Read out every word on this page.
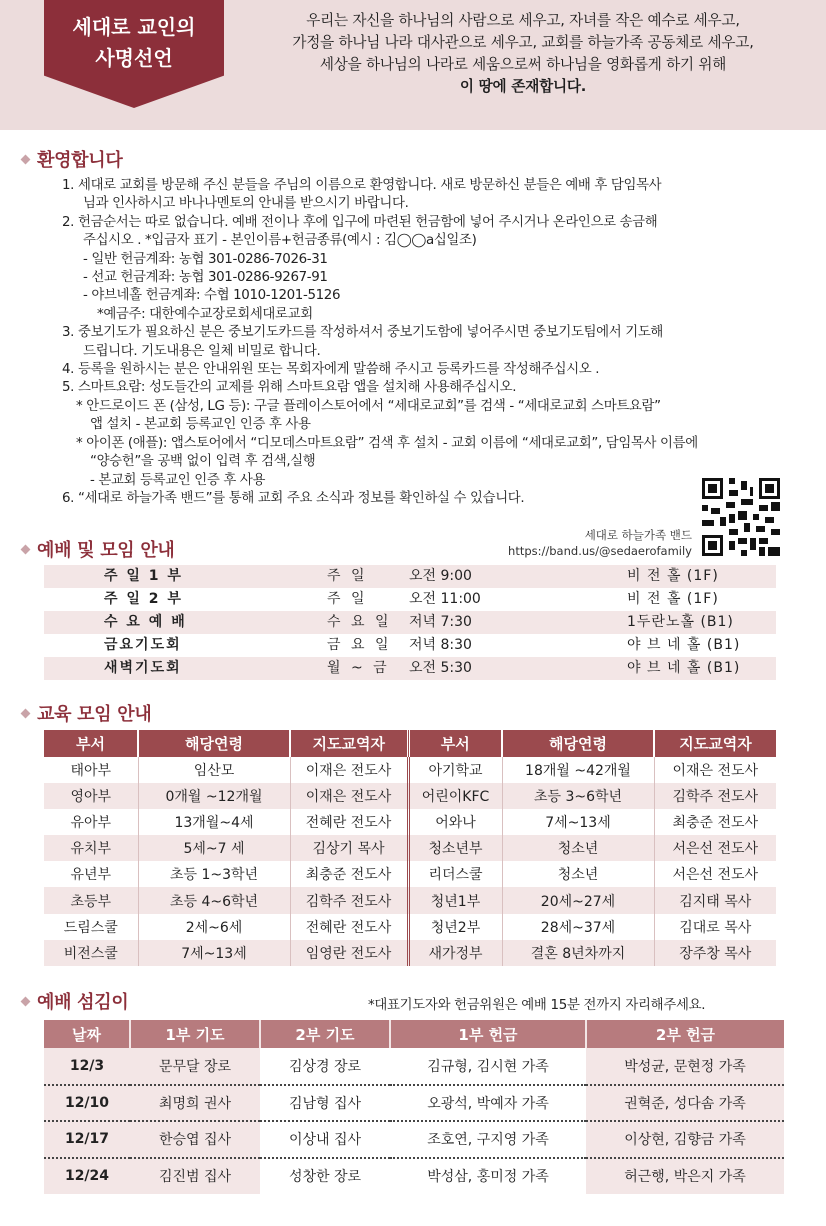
세대로 교인의
사명선언
우리는 자신을 하나님의 사람으로 세우고, 자녀를 작은 예수로 세우고,
가정을 하나님 나라 대사관으로 세우고, 교회를 하늘가족 공동체로 세우고,
세상을 하나님의 나라로 세움으로써 하나님을 영화롭게 하기 위해
이 땅에 존재합니다.
환영합니다
1. 세대로 교회를 방문해 주신 분들을 주님의 이름으로 환영합니다. 새로 방문하신 분들은 예배 후 담임목사
님과 인사하시고 바나나멘토의 안내를 받으시기 바랍니다.
2. 헌금순서는 따로 없습니다. 예배 전이나 후에 입구에 마련된 헌금함에 넣어 주시거나 온라인으로 송금해
주십시오 . *입금자 표기 - 본인이름+헌금종류(예시 : 김◯◯a십일조)
- 일반 헌금계좌: 농협 301-0286-7026-31
- 선교 헌금계좌: 농협 301-0286-9267-91
- 야브네홀 헌금계좌: 수협 1010-1201-5126
*예금주: 대한예수교장로회세대로교회
3. 중보기도가 필요하신 분은 중보기도카드를 작성하셔서 중보기도함에 넣어주시면 중보기도팀에서 기도해
드립니다. 기도내용은 일체 비밀로 합니다.
4. 등록을 원하시는 분은 안내위원 또는 목회자에게 말씀해 주시고 등록카드를 작성해주십시오 .
5. 스마트요람: 성도들간의 교제를 위해 스마트요람 앱을 설치해 사용해주십시오.
* 안드로이드 폰 (삼성, LG 등): 구글 플레이스토어에서 “세대로교회”를 검색 - “세대로교회 스마트요람”
앱 설치 - 본교회 등록교인 인증 후 사용
* 아이폰 (애플): 앱스토어에서 “디모데스마트요람” 검색 후 설치 - 교회 이름에 “세대로교회”, 담임목사 이름에
“양승헌”을 공백 없이 입력 후 검색,실행
- 본교회 등록교인 인증 후 사용
6. “세대로 하늘가족 밴드”를 통해 교회 주요 소식과 정보를 확인하실 수 있습니다.
세대로 하늘가족 밴드
https://band.us/@sedaerofamily
예배 및 모임 안내
주 일 1 부	주 일	오전 9:00	비 전 홀 (1F)
주 일 2 부	주 일	오전 11:00	비 전 홀 (1F)
수 요 예 배	수 요 일 저녁 7:30	1두란노홀 (B1)
금요기도회	금 요 일 저녁 8:30	야 브 네 홀 (B1)
새벽기도회	월 ~ 금 오전 5:30	야 브 네 홀 (B1)
교육 모임 안내
부서	해당연령	지도교역자	부서	해당연령	지도교역자
태아부	임산모	이재은 전도사	아기학교	18개월 ~42개월	이재은 전도사
영아부	0개월 ~12개월	이재은 전도사	어린이KFC	초등 3~6학년	김학주 전도사
유아부	13개월~4세	전혜란 전도사	어와나	7세~13세	최충준 전도사
유치부	5세~7 세	김상기 목사	청소년부	청소년	서은선 전도사
유년부	초등 1~3학년	최충준 전도사	리더스쿨	청소년	서은선 전도사
초등부	초등 4~6학년	김학주 전도사	청년1부	20세~27세	김지태 목사
드림스쿨	2세~6세	전혜란 전도사	청년2부	28세~37세	김대로 목사
비전스쿨	7세~13세	임영란 전도사	새가정부	결혼 8년차까지	장주창 목사
예배 섬김이	*대표기도자와 헌금위원은 예배 15분 전까지 자리해주세요.
날짜	1부 기도	2부 기도	1부 헌금	2부 헌금
12/3	문무달 장로	김상경 장로	김규형, 김시현 가족	박성균, 문현정 가족
12/10	최명희 권사	김남형 집사	오광석, 박예자 가족	권혁준, 성다솜 가족
12/17	한승엽 집사	이상내 집사	조호연, 구지영 가족	이상현, 김향금 가족
12/24	김진범 집사	성창한 장로	박성삼, 홍미정 가족	허근행, 박은지 가족
